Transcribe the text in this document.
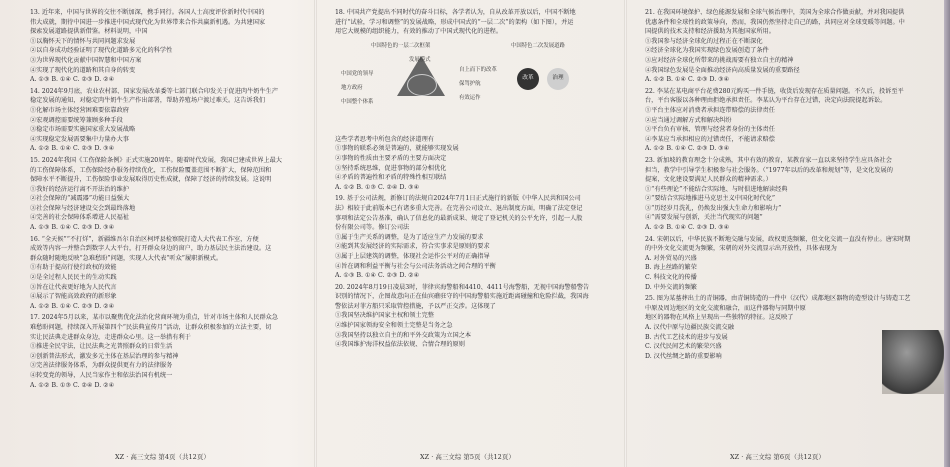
13. 近年来，中国与世界的交往不断加深，携手同行。各国人士高度评价新时代中国的

伟大成就，期待中国进一步推进中国式现代化为世界带来合作共赢新机遇。为共建国家

探索发展道路提供新借鉴。材料说明，中国

①以胸怀天下的情怀与共同问题求发展

②以自身成功经验证明了现代化道路多元化的科学性

③为世界现代化贡献中国智慧和中国方案

④实现了现代化的道路和其自身的转变

A. ①③ B. ①④ C. ②③ D. ②④

14. 2024年9月底，农业农村部、国家发展改革委等七部门联合印发关于促进肉牛奶牛生产

稳定发展的通知，对稳定肉牛奶牛生产作出部署，帮助养殖场户渡过难关。这告诉我们

①化解市场主体经营困难要依靠政府

②宏观调控需要统筹兼顾多种手段

③稳定市场需要实施国家重大发展战略

④实现稳定发展需要集中力量办大事

A. ①② B. ①④ C. ②③ D. ③④

15. 2024年我国《工伤保险条例》正式实施20周年。随着时代发展，我国已建成世界上最大

的工伤保障体系，工伤保险经办服务持续优化，工伤保险覆盖范围不断扩大，保障范围和

保障水平不断提升，工伤保险事业发展取得历史性成就，保障了经济的持续发展。这说明

①我好的经济运行离不开法治的维护

②社会保障的“减震器”功能日益强大

③社会保障与经济建设交会到最终落地

④完善的社会保障体系增进人民福祉

A. ①③ B. ①④ C. ②③ D. ③④

16. “全天候”“不打烊”，新疆维吾尔自治区柯坪县检察院打造人大代表工作室，方便

成效等内容一并整合到数字人大平台，打开群众身边的窗户，助力基层民主法治建设。这

群众随时随地反映“急难愁盼”问题，实现人大代表“听众”履职新模式。

①有助于提高行使行政权的效能

②是全过程人民民主的生动实践

③旨在让代表更好地为人民代言

④展示了智能高效政府的新形象

A. ①② B. ①④ C. ②③ D. ②④

17. 2024年5月以来，某市以聚焦优化法治化营商环境为重点，针对市场主体和人民群众急

难愁盼问题，持续深入开展第四个“民法典宣传月”活动，让群众积极参加的立法主要，切

实让民法典走进群众身边，走进群众心里。这一举措有利于

①推进全民守法，让民法典之光普照群众的日常生活

②创新普法形式，激发多元主体在基层治理的参与精神

③完善法律服务体系，为群众提供更有力的法律服务

④转变党的领导，人民当家作主和依法治国有机统一

A. ①② B. ①③ C. ②④ D. ②④

XZ · 高三文综 第4页（共12页）

18. 中国共产党提出不同时代的奋斗目标，各学者认为，自从改革开放以后，中国不断地

进行“试验，学习和调整”的发展战略，形成中国式的“一层二次”的架构（如下图），并运

用它大规模的组织能力，有效的推动了中国式现代化的进程。

中国特色的一层二次框架	中国特色二次发展道路
发展模式
中国党的领导
地方政府
中国整个体系
自上而下的改革
保驾护航
有效运作
改革	治理

这些学者思考中所包含的经济道理有

①事物的联系必须是普遍的，就能够实现发展

②事物的性质由主要矛盾的主要方面决定

③坚持系统思维，促进事物的部分相优化

④矛盾的普遍性和矛盾的特殊性相互联结

A. ①② B. ①③ C. ②④ D. ③④

19. 基于公司法规，新修订的法规自2024年7月1日正式施行的新版《中华人民共和国公司

法》相较于此前版本已有诸多重大完善。在完善公司设立、退出制度方面，明确了法定登记

事项和法定公告基准，确认了信息化的最新成果、规定了登记机关的公平允许，引起一人股

份有限公司等。修订公司法

①属于生产关系的调整，是为了适应生产力发展的要求

②能到其发展经济的实际需求，符合实事求是原则的要求

③属于上层建筑的调整，体现社会运作公平对的正确指导

④旨在调和利益平衡与社会与公司法务活动之间合理的平衡

A. ①③ B. ①④ C. ②③ D. ②④

20. 2024年8月19日凌晨3时，菲律宾海警船和4410、4411号海警船，无视中国海警船警告

识别的情况下，企图故意向正在仙宾礁驻守的中国海警船实施近距离碰撞和危险拦截，我国海

警依法对菲方船只采取管控措施，予以严正交涉。这体现了

①我国坚决维护国家主权和领土完整

②维护国家领海安全和领土完整是当务之急

③我国坚持以独立自主的和平外交政策为立国之本

④我国维护海洋权益依法依规、合情合理的原则

XZ · 高三文综 第5页（共12页）

21. 在我国环境保护、绿色能源发展和全球气候治理中，美国为全球合作做贡献，并对我国提供

优惠条件和全球性的政策导向，然而，我国仍然坚持走自己的路，共同应对全球变暖等问题。中

国提供的技术支持和经济援助为其他国家所用。

①我国参与经济全球化的过程正在不断深化

②经济全球化为我国实现绿色发展创造了条件

③应对经济全球化所带来的挑战需要有独立自主的精神

④我国绿色发展是全面推动经济向高质量发展的重要路径

A. ①② B. ①④ C. ②③ D. ③④

22. 李某在某电商平台花费280元购买一件手链，收货后发现存在质量问题。不久后，投诉至平

台，平台客服以各种理由拒绝承担责任。李某认为平台存在过错，决定向法院提起诉讼。

①平台主体应对消费者承担连带赔偿的法律责任

②应当通过调解方式和解决纠纷

③平台负有审核、管理与经营者身份的主体责任

④李某应当承担相应的过错责任，不能请求赔偿

A. ①② B. ①④ C. ②③ D. ③④

23. 新加坡的教育理念十分成熟，其中有效的教育，某教育家一直以来坚持学生应具备社会

担当，教学中引导学生积极参与社会服务。（“1977年以后的改革和规划”等，是文化发展的

提案，文化建设要满足人民群众的精神需求。）

①“有些理论”不能结合实际地、与时俱进地解读经典

②“要结合实际地推进马克思主义中国化时代化”

③“历经岁月洗礼，仍焕发出强大生命力和影响力”

④“需要发展与创新，关注当代现实的问题”

A. ①② B. ①④ C. ②③ D. ③④

24. 宋朝以后，中华民族不断地交融与发展，政权更迭频繁，但文化交流一直没有停止。唐宋时期

的中外文化交流更为频繁，宋朝的对外交流显示出开放性，具体表现为

A. 对外贸易的兴盛

B. 海上丝路的繁荣

C. 科技文化的传播

D. 中外交流的频繁

25. 图为某墓葬出土的青铜器，由青铜铸造的一件中（汉代）成都地区器物的造型设计与铸造工艺

中原及周边地区的文化交流和融合，而这件器物与同期中原

地区的器物在风格上呈现出一些独特的特征。这反映了

A. 汉代中原与边疆民族交流交融

B. 古代工艺技术的进步与发展

C. 汉代民间艺术的繁荣兴盛

D. 汉代丝绸之路的重要影响

XZ · 高三文综 第6页（共12页）
